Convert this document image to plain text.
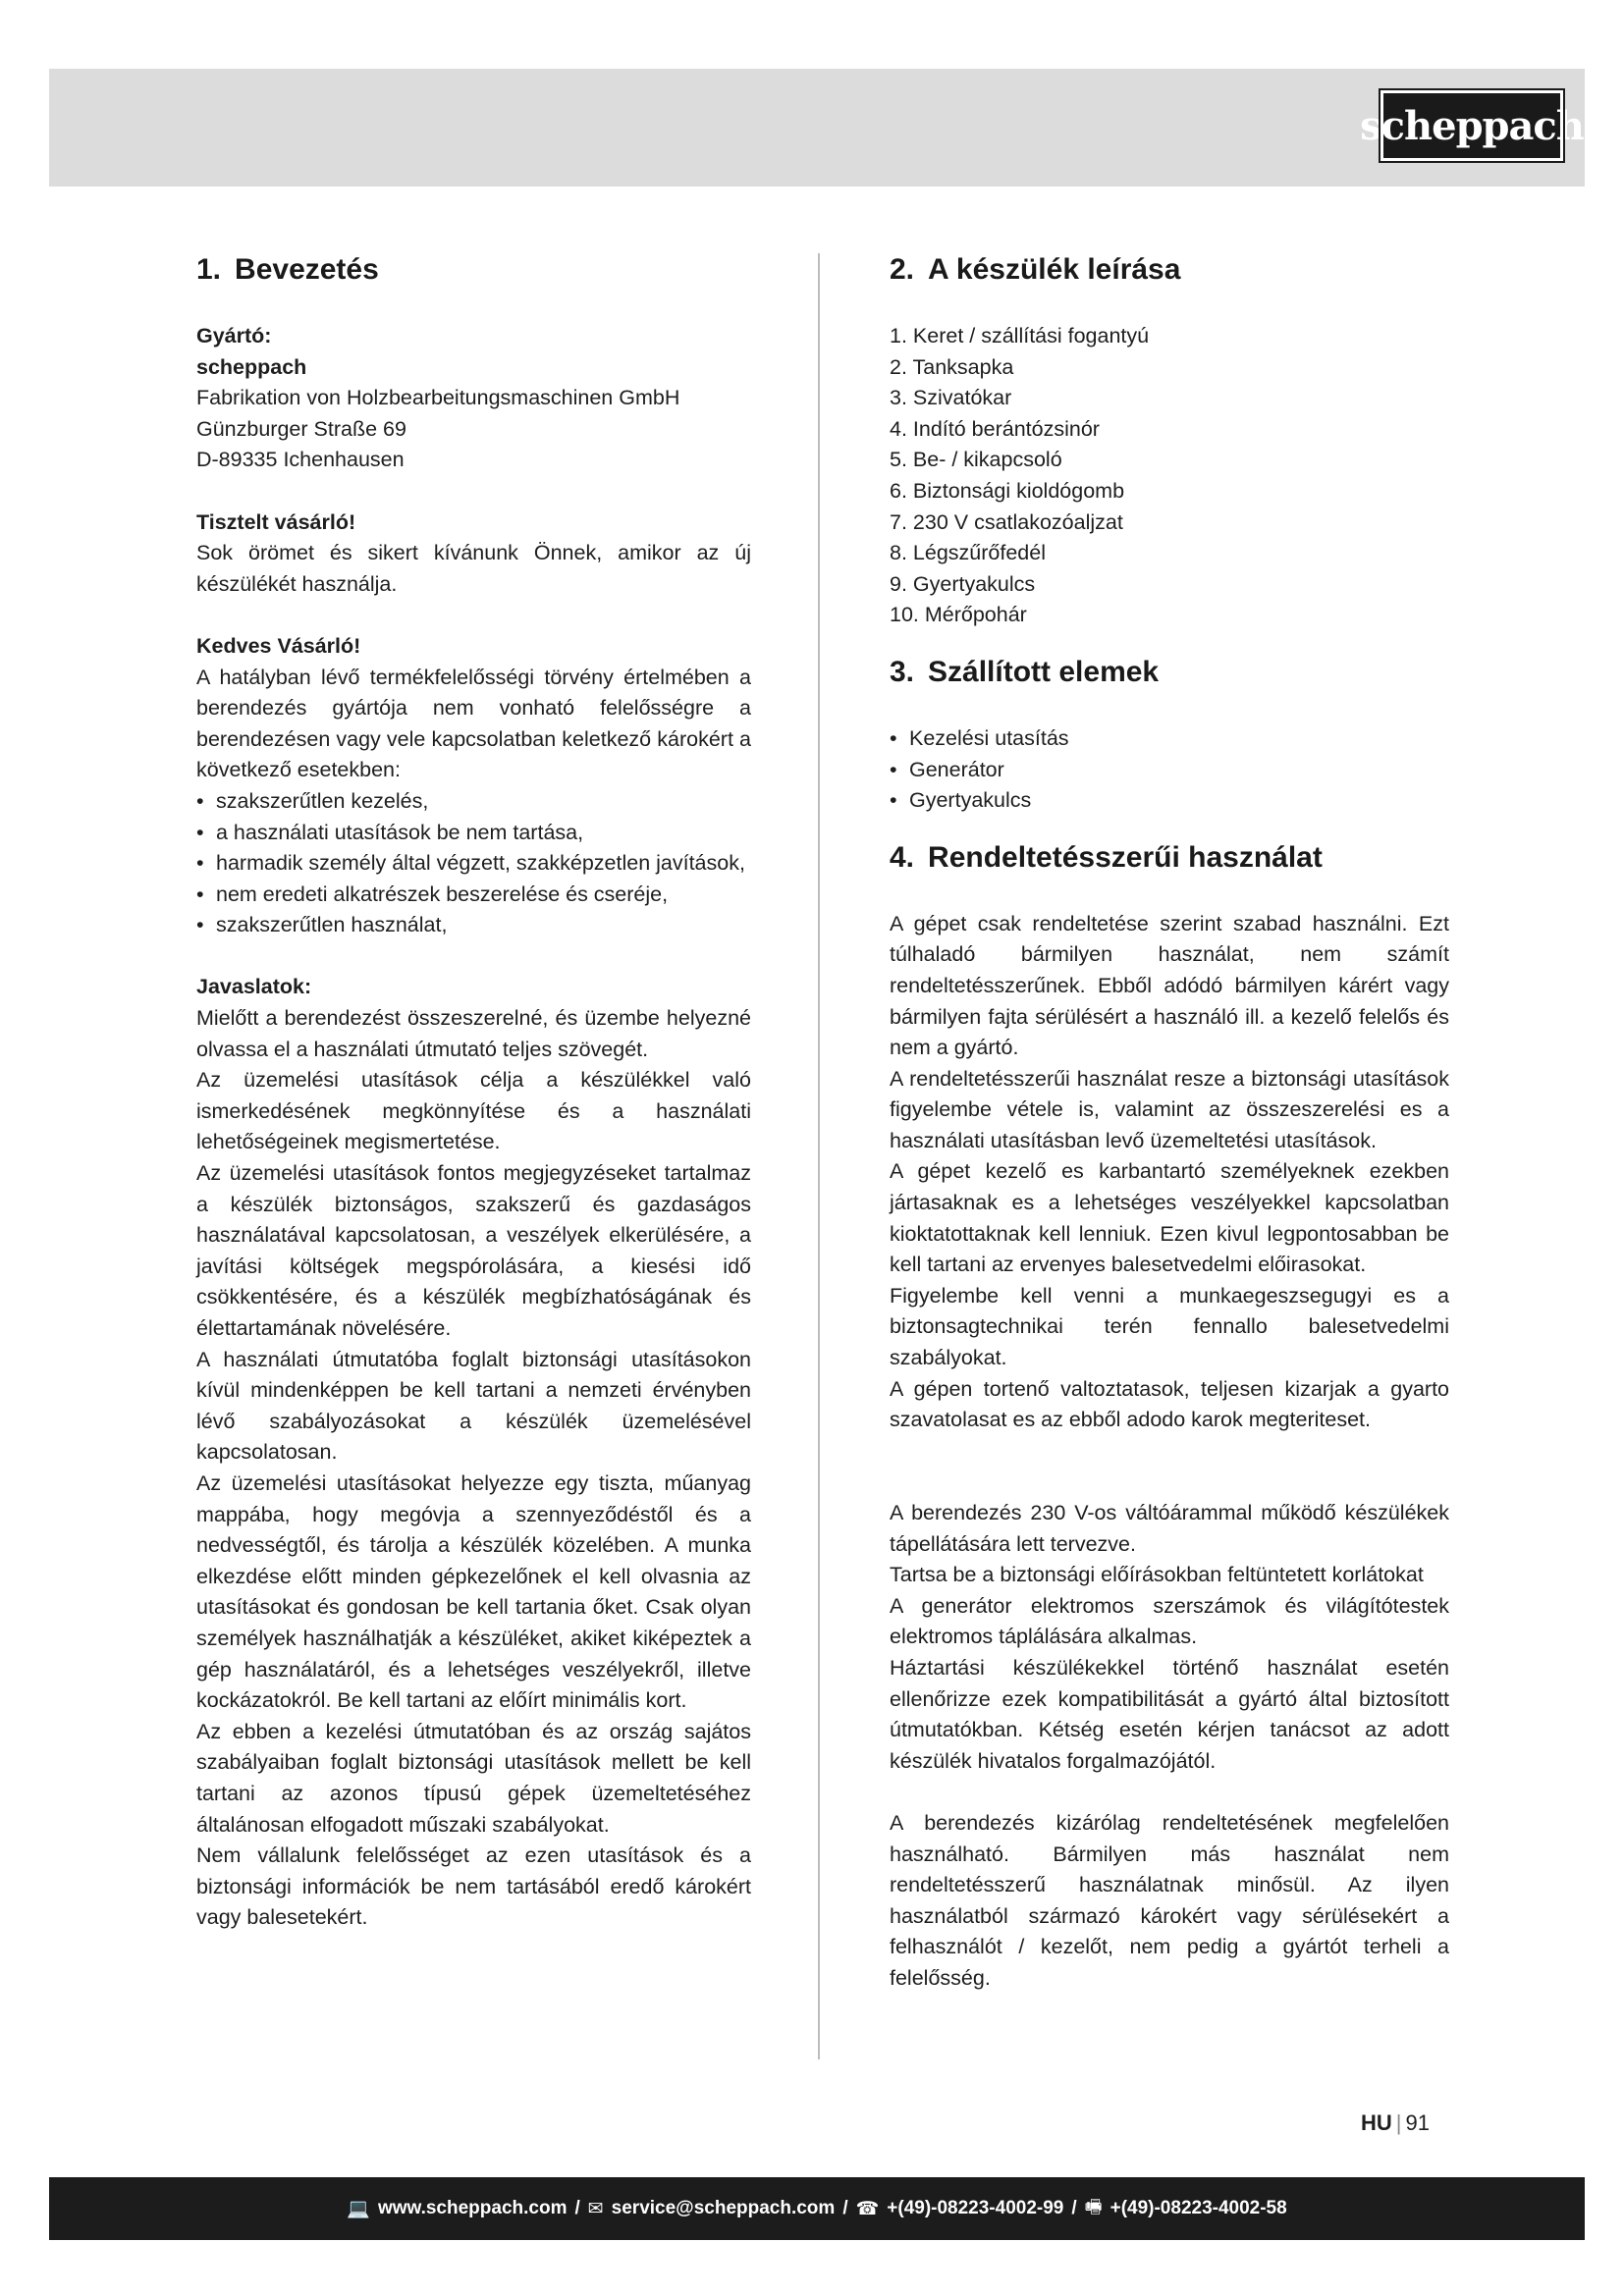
scheppach
1. Bevezetés
Gyártó:
scheppach
Fabrikation von Holzbearbeitungsmaschinen GmbH
Günzburger Straße 69
D-89335 Ichenhausen
Tisztelt vásárló!

Sok örömet és sikert kívánunk Önnek, amikor az új készülékét használja.

Kedves Vásárló!

A hatályban lévő termékfelelősségi törvény értelmében a berendezés gyártója nem vonható felelősségre a berendezésen vagy vele kapcsolatban keletkező károkért a következő esetekben:

• szakszerűtlen kezelés,
• a használati utasítások be nem tartása,
• harmadik személy által végzett, szakképzetlen javítások,
• nem eredeti alkatrészek beszerelése és cseréje,
• szakszerűtlen használat,
Javaslatok:

Mielőtt a berendezést összeszerelné, és üzembe helyezné olvassa el a használati útmutató teljes szövegét.

Az üzemelési utasítások célja a készülékkel való ismerkedésének megkönnyítése és a használati lehetőségeinek megismertetése.

Az üzemelési utasítások fontos megjegyzéseket tartalmaz a készülék biztonságos, szakszerű és gazdaságos használatával kapcsolatosan, a veszélyek elkerülésére, a javítási költségek megspórolására, a kiesési idő csökkentésére, és a készülék megbízhatóságának és élettartamának növelésére.

A használati útmutatóba foglalt biztonsági utasításokon kívül mindenképpen be kell tartani a nemzeti érvényben lévő szabályozásokat a készülék üzemelésével kapcsolatosan.

Az üzemelési utasításokat helyezze egy tiszta, műanyag mappába, hogy megóvja a szennyeződéstől és a nedvességtől, és tárolja a készülék közelében. A munka elkezdése előtt minden gépkezelőnek el kell olvasnia az utasításokat és gondosan be kell tartania őket. Csak olyan személyek használhatják a készüléket, akiket kiképeztek a gép használatáról, és a lehetséges veszélyekről, illetve kockázatokról. Be kell tartani az előírt minimális kort.

Az ebben a kezelési útmutatóban és az ország sajátos szabályaiban foglalt biztonsági utasítások mellett be kell tartani az azonos típusú gépek üzemeltetéséhez általánosan elfogadott műszaki szabályokat.

Nem vállalunk felelősséget az ezen utasítások és a biztonsági információk be nem tartásából eredő károkért vagy balesetekért.

2. A készülék leírása
1. Keret / szállítási fogantyú
2. Tanksapka
3. Szivatókar
4. Indító berántózsinór
5. Be- / kikapcsoló
6. Biztonsági kioldógomb
7. 230 V csatlakozóaljzat
8. Légszűrőfedél
9. Gyertyakulcs
10. Mérőpohár
3. Szállított elemek
• Kezelési utasítás
• Generátor
• Gyertyakulcs
4. Rendeltetésszerűi használat

A gépet csak rendeltetése szerint szabad használni. Ezt túlhaladó bármilyen használat, nem számít rendeltetésszerűnek. Ebből adódó bármilyen kárért vagy bármilyen fajta sérülésért a használó ill. a kezelő felelős és nem a gyártó.

A rendeltetésszerűi használat resze a biztonsági utasítások figyelembe vétele is, valamint az összeszerelési es a használati utasításban levő üzemeltetési utasítások.

A gépet kezelő es karbantartó személyeknek ezekben jártasaknak es a lehetséges veszélyekkel kapcsolatban kioktatottaknak kell lenniuk. Ezen kivul legpontosabban be kell tartani az ervenyes balesetvedelmi előirasokat.

Figyelembe kell venni a munkaegeszsegugyi es a biztonsagtechnikai terén fennallo balesetvedelmi szabályokat.

A gépen tortenő valtoztatasok, teljesen kizarjak a gyarto szavatolasat es az ebből adodo karok megteriteset.

A berendezés 230 V-os váltóárammal működő készülékek tápellátására lett tervezve.

Tartsa be a biztonsági előírásokban feltüntetett korlátokat

A generátor elektromos szerszámok és világítótestek elektromos táplálására alkalmas.

Háztartási készülékekkel történő használat esetén ellenőrizze ezek kompatibilitását a gyártó által biztosított útmutatókban. Kétség esetén kérjen tanácsot az adott készülék hivatalos forgalmazójától.

A berendezés kizárólag rendeltetésének megfelelően használható. Bármilyen más használat nem rendeltetésszerű használatnak minősül. Az ilyen használatból származó károkért vagy sérülésekért a felhasználót / kezelőt, nem pedig a gyártót terheli a felelősség.

HU | 91
💻 www.scheppach.com / ✉ service@scheppach.com / ☎ +(49)-08223-4002-99 / 🖷 +(49)-08223-4002-58
